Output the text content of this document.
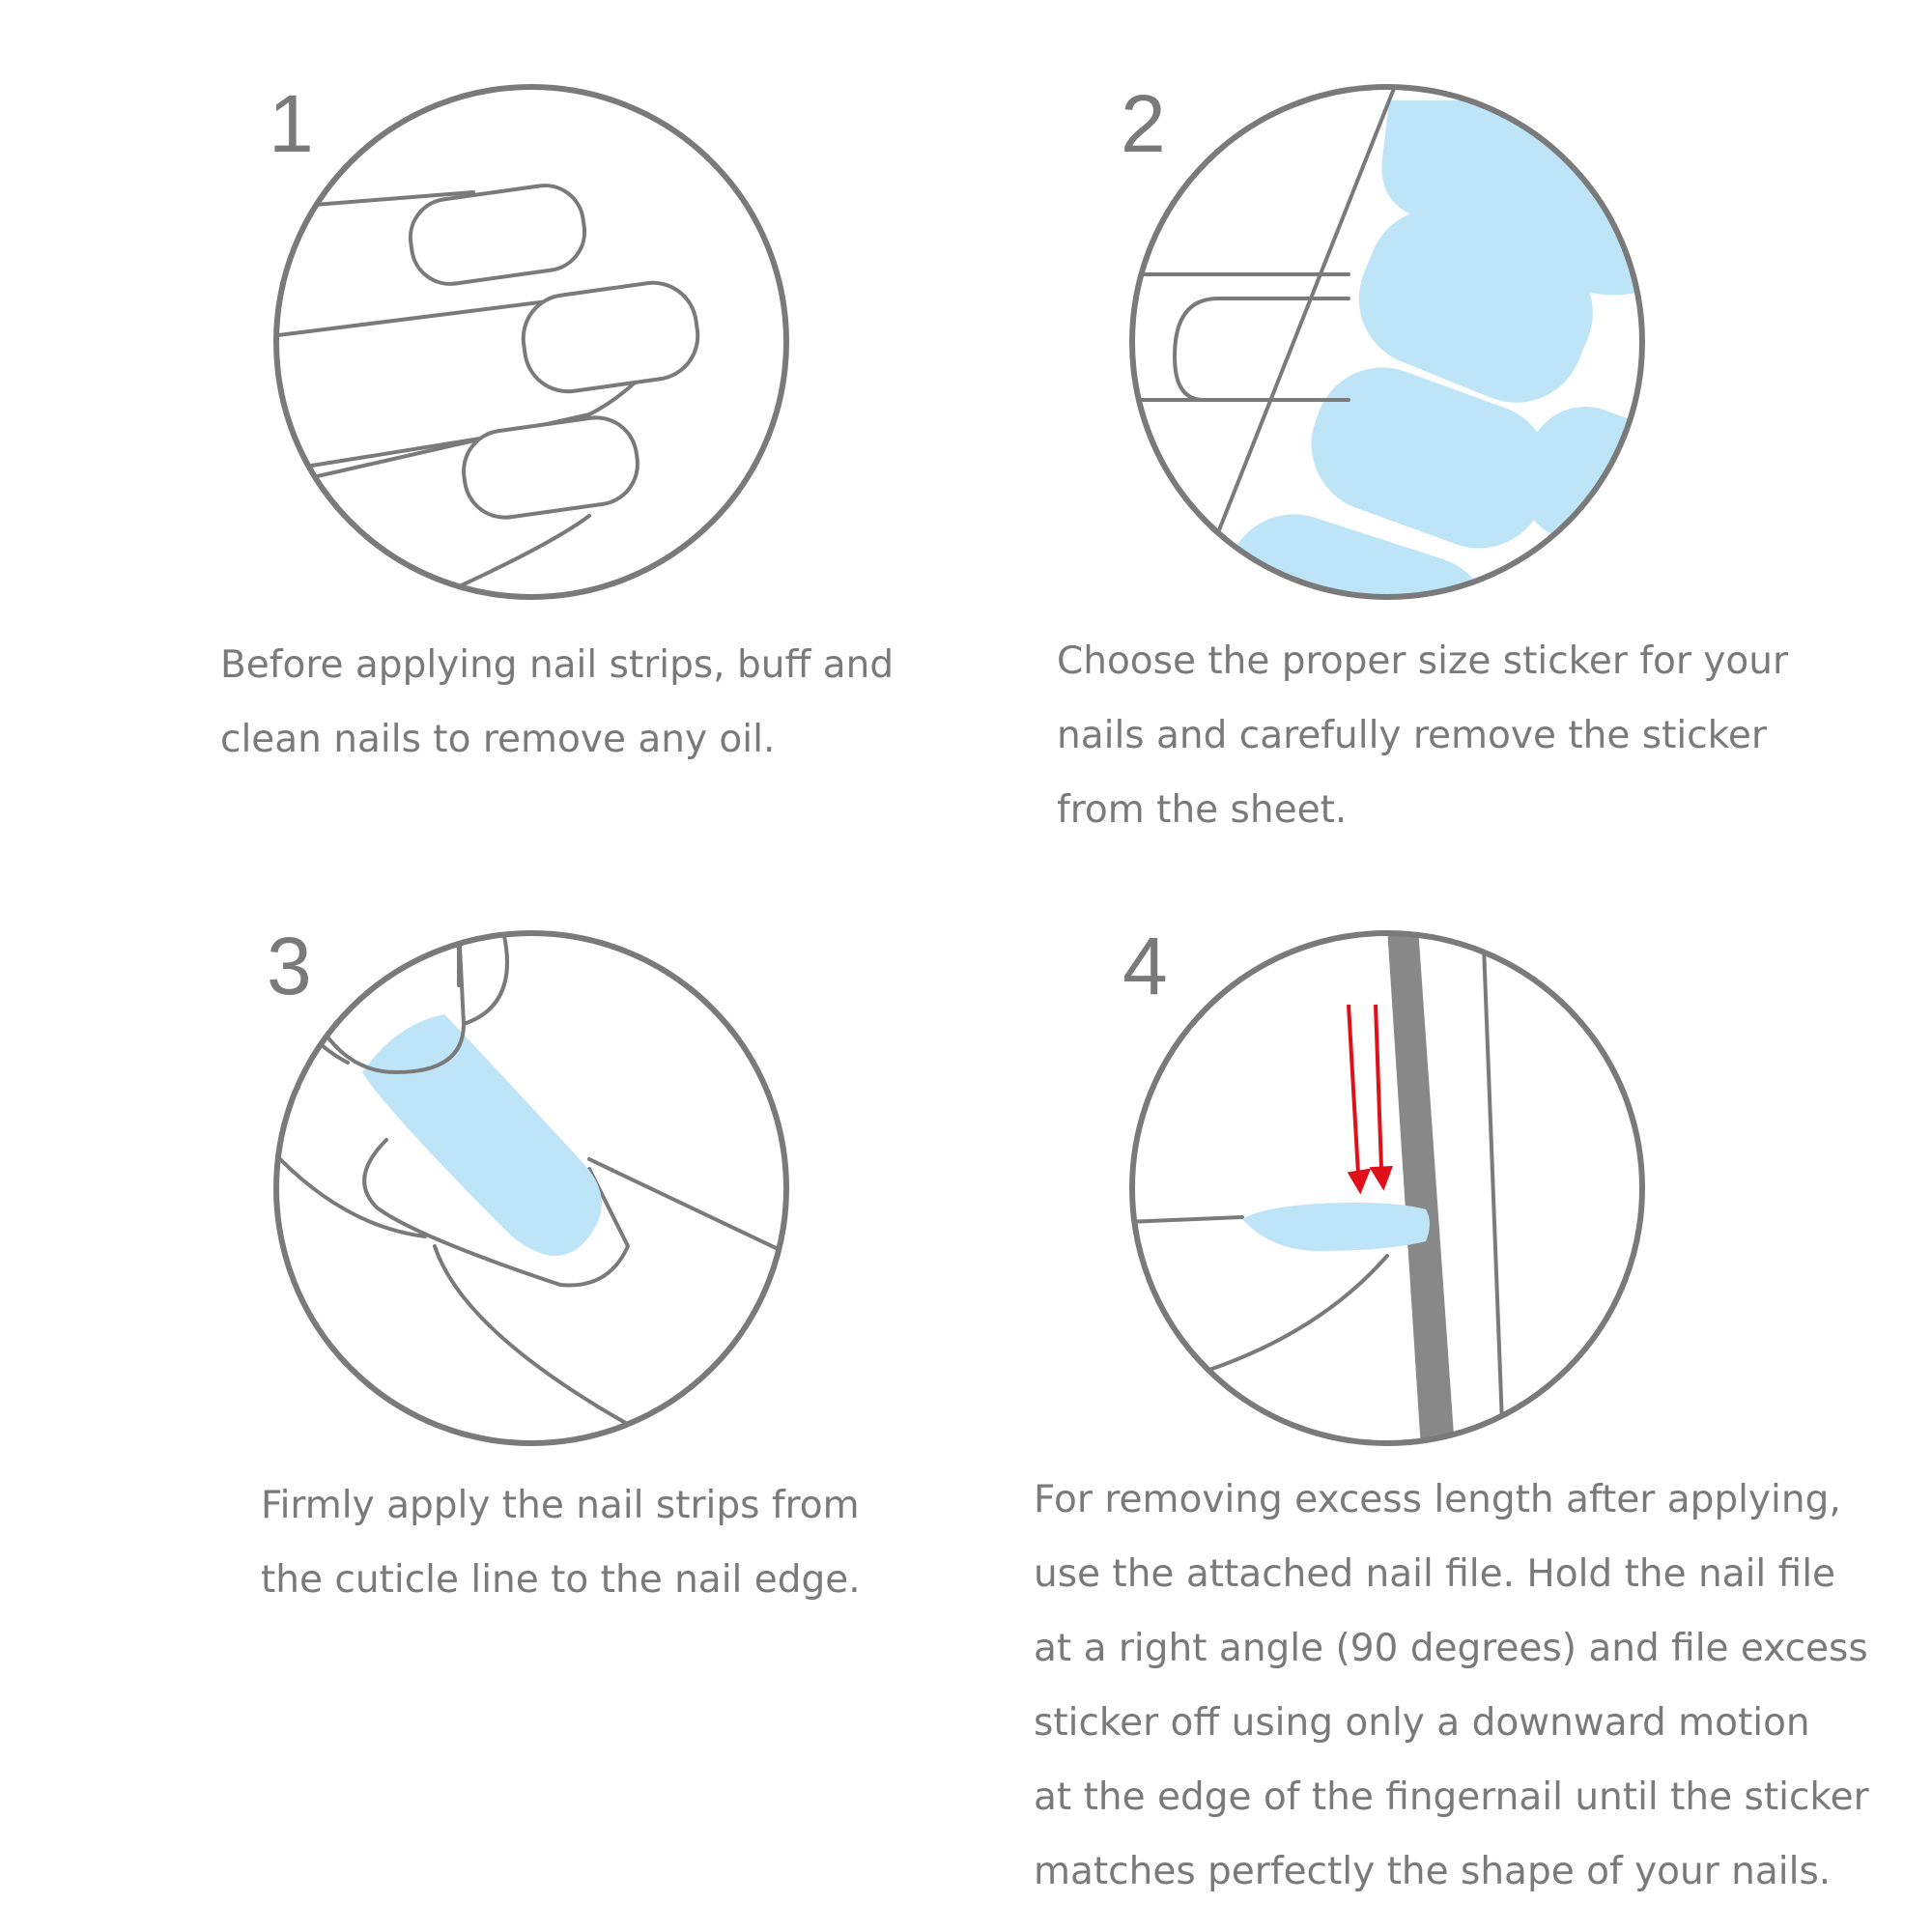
1
Before applying nail strips, buff and
clean nails to remove any oil.
2
Choose the proper size sticker for your
nails and carefully remove the sticker
from the sheet.
3
Firmly apply the nail strips from
the cuticle line to the nail edge.
4
For removing excess length after applying,
use the attached nail file. Hold the nail file
at a right angle (90 degrees) and file excess
sticker off using only a downward motion
at the edge of the fingernail until the sticker
matches perfectly the shape of your nails.
